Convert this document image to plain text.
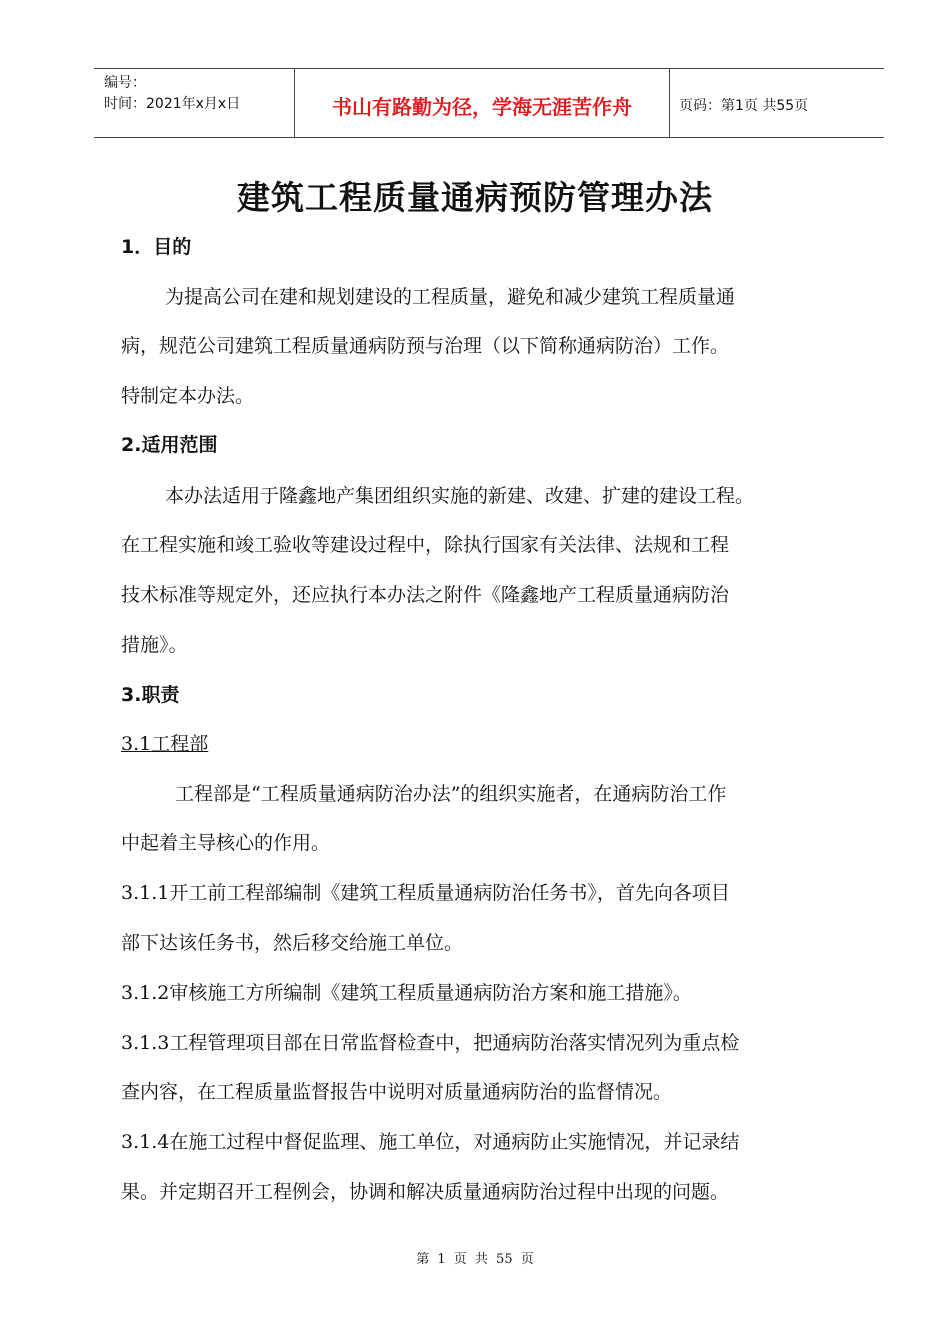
编号：
时间：2021年x月x日	书山有路勤为径，学海无涯苦作舟	页码：第1页 共55页
建筑工程质量通病预防管理办法
1．目的
为提高公司在建和规划建设的工程质量，避免和减少建筑工程质量通
病，规范公司建筑工程质量通病防预与治理（以下简称通病防治）工作。
特制定本办法。
2.适用范围
本办法适用于隆鑫地产集团组织实施的新建、改建、扩建的建设工程。
在工程实施和竣工验收等建设过程中，除执行国家有关法律、法规和工程
技术标准等规定外，还应执行本办法之附件《隆鑫地产工程质量通病防治
措施》。
3.职责
3.1工程部
工程部是“工程质量通病防治办法”的组织实施者，在通病防治工作
中起着主导核心的作用。
3.1.1开工前工程部编制《建筑工程质量通病防治任务书》，首先向各项目
部下达该任务书，然后移交给施工单位。
3.1.2审核施工方所编制《建筑工程质量通病防治方案和施工措施》。
3.1.3工程管理项目部在日常监督检查中，把通病防治落实情况列为重点检
查内容，在工程质量监督报告中说明对质量通病防治的监督情况。
3.1.4在施工过程中督促监理、施工单位，对通病防止实施情况，并记录结
果。并定期召开工程例会，协调和解决质量通病防治过程中出现的问题。
第 1 页 共 55 页
